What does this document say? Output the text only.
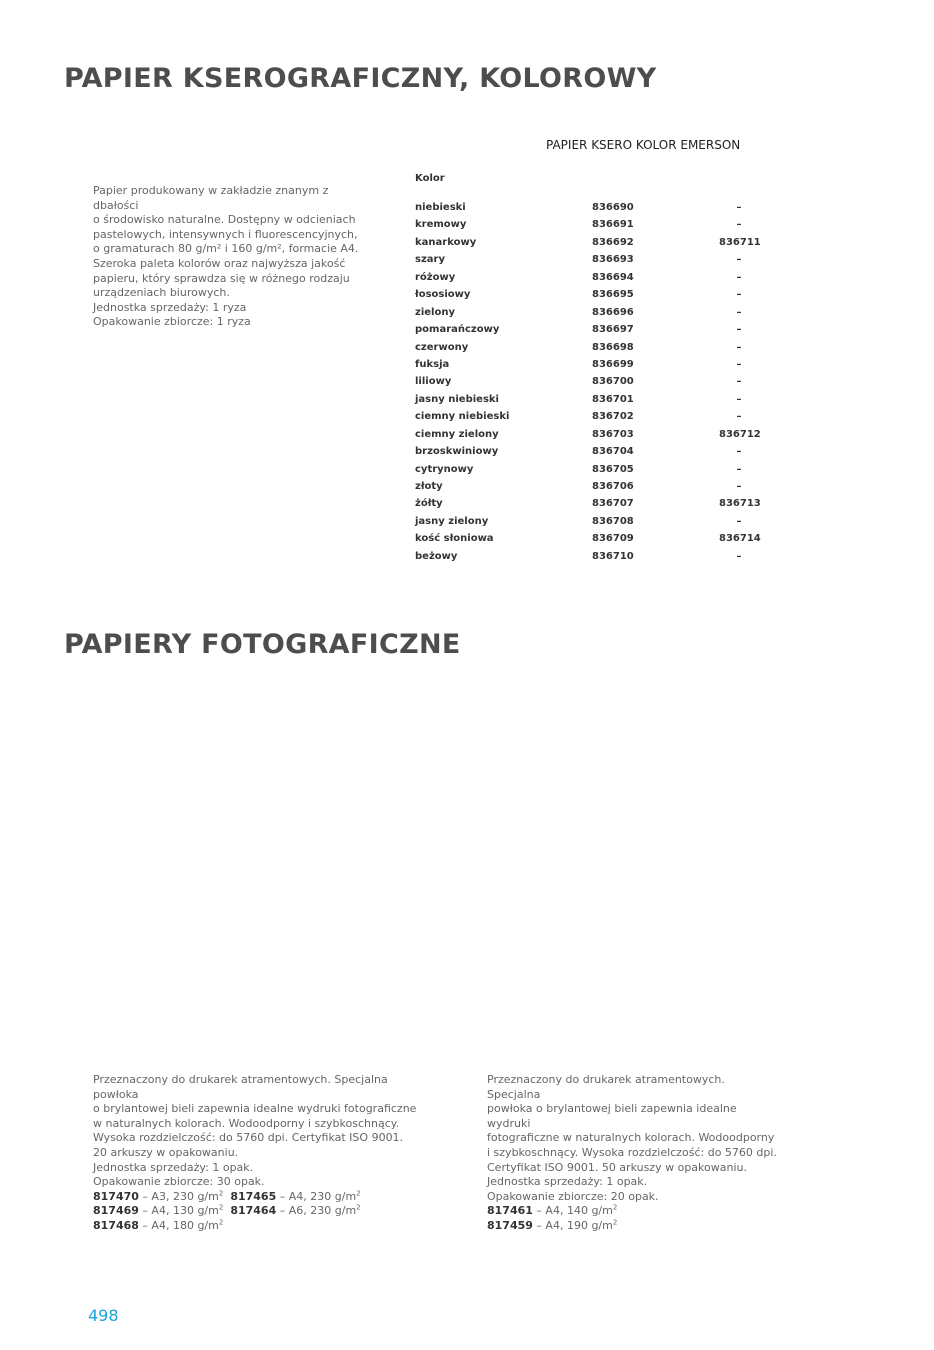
PAPIER KSEROGRAFICZNY, KOLOROWY

Papier produkowany w zakładzie znanym z dbałości

o środowisko naturalne. Dostępny w odcieniach

pastelowych, intensywnych i fluorescencyjnych,

o gramaturach 80 g/m² i 160 g/m², formacie A4.

Szeroka paleta kolorów oraz najwyższa jakość

papieru, który sprawdza się w różnego rodzaju

urządzeniach biurowych.

Jednostka sprzedaży: 1 ryza

Opakowanie zbiorcze: 1 ryza

PAPIER KSERO KOLOR EMERSON
Kolor
niebieski	836690	–
kremowy	836691	–
kanarkowy	836692	836711
szary	836693	–
różowy	836694	–
łososiowy	836695	–
zielony	836696	–
pomarańczowy	836697	–
czerwony	836698	–
fuksja	836699	–
liliowy	836700	–
jasny niebieski	836701	–
ciemny niebieski	836702	–
ciemny zielony	836703	836712
brzoskwiniowy	836704	–
cytrynowy	836705	–
złoty	836706	–
żółty	836707	836713
jasny zielony	836708	–
kość słoniowa	836709	836714
beżowy	836710	–
PAPIERY FOTOGRAFICZNE

Przeznaczony do drukarek atramentowych. Specjalna powłoka

o brylantowej bieli zapewnia idealne wydruki fotograficzne

w naturalnych kolorach. Wodoodporny i szybkoschnący.

Wysoka rozdzielczość: do 5760 dpi. Certyfikat ISO 9001.

20 arkuszy w opakowaniu.

Jednostka sprzedaży: 1 opak.

Opakowanie zbiorcze: 30 opak.

817470 – A3, 230 $g/m^2$ 817465 – A4, 230 $g/m^2$

817469 – A4, 130 $g/m^2$ 817464 – A6, 230 $g/m^2$

817468 – A4, 180 $g/m^2$

Przeznaczony do drukarek atramentowych. Specjalna

powłoka o brylantowej bieli zapewnia idealne wydruki

fotograficzne w naturalnych kolorach. Wodoodporny

i szybkoschnący. Wysoka rozdzielczość: do 5760 dpi.

Certyfikat ISO 9001. 50 arkuszy w opakowaniu.

Jednostka sprzedaży: 1 opak.

Opakowanie zbiorcze: 20 opak.

817461 – A4, 140 $g/m^2$

817459 – A4, 190 $g/m^2$

498
